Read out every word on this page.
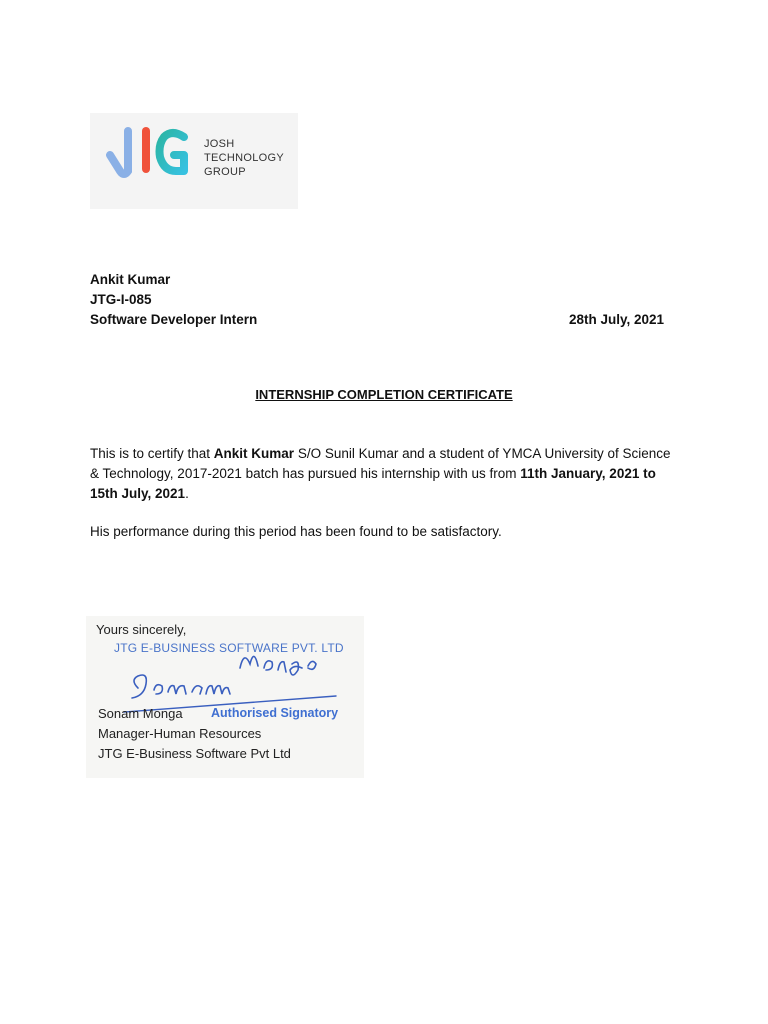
JOSH
TECHNOLOGY
GROUP
Ankit Kumar
JTG-I-085
Software Developer Intern	28th July, 2021
INTERNSHIP COMPLETION CERTIFICATE
This is to certify that Ankit Kumar S/O Sunil Kumar and a student of YMCA University of Science & Technology, 2017-2021 batch has pursued his internship with us from 11th January, 2021 to 15th July, 2021.
His performance during this period has been found to be satisfactory.
Yours sincerely,
JTG E-BUSINESS SOFTWARE PVT. LTD
Sonam Monga Authorised Signatory
Manager-Human Resources
JTG E-Business Software Pvt Ltd
